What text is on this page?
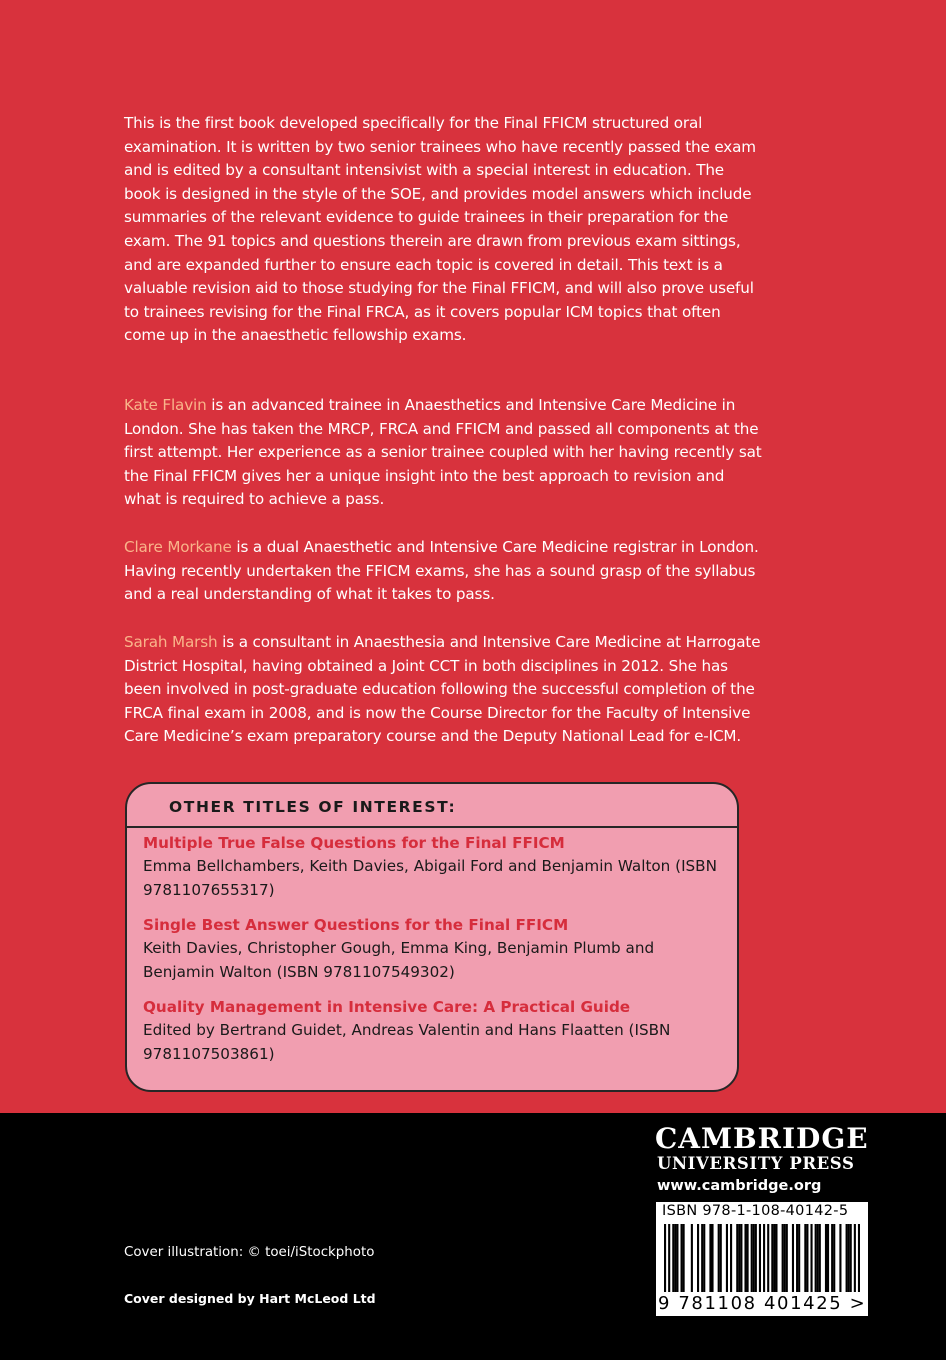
This is the first book developed specifically for the Final FFICM structured oral examination. It is written by two senior trainees who have recently passed the exam and is edited by a consultant intensivist with a special interest in education. The book is designed in the style of the SOE, and provides model answers which include summaries of the relevant evidence to guide trainees in their preparation for the exam. The 91 topics and questions therein are drawn from previous exam sittings, and are expanded further to ensure each topic is covered in detail. This text is a valuable revision aid to those studying for the Final FFICM, and will also prove useful to trainees revising for the Final FRCA, as it covers popular ICM topics that often come up in the anaesthetic fellowship exams.

Kate Flavin is an advanced trainee in Anaesthetics and Intensive Care Medicine in London. She has taken the MRCP, FRCA and FFICM and passed all components at the first attempt. Her experience as a senior trainee coupled with her having recently sat the Final FFICM gives her a unique insight into the best approach to revision and what is required to achieve a pass.

Clare Morkane is a dual Anaesthetic and Intensive Care Medicine registrar in London. Having recently undertaken the FFICM exams, she has a sound grasp of the syllabus and a real understanding of what it takes to pass.

Sarah Marsh is a consultant in Anaesthesia and Intensive Care Medicine at Harrogate District Hospital, having obtained a Joint CCT in both disciplines in 2012. She has been involved in post-graduate education following the successful completion of the FRCA final exam in 2008, and is now the Course Director for the Faculty of Intensive Care Medicine’s exam preparatory course and the Deputy National Lead for e-ICM.

OTHER TITLES OF INTEREST:
Multiple True False Questions for the Final FFICM
Emma Bellchambers, Keith Davies, Abigail Ford and Benjamin Walton (ISBN 9781107655317)
Single Best Answer Questions for the Final FFICM
Keith Davies, Christopher Gough, Emma King, Benjamin Plumb and Benjamin Walton (ISBN 9781107549302)
Quality Management in Intensive Care: A Practical Guide
Edited by Bertrand Guidet, Andreas Valentin and Hans Flaatten (ISBN 9781107503861)
Cover illustration: © toei/iStockphoto
Cover designed by Hart McLeod Ltd
CAMBRIDGE
UNIVERSITY PRESS
www.cambridge.org
ISBN 978-1-108-40142-5
9 781108 401425 >
